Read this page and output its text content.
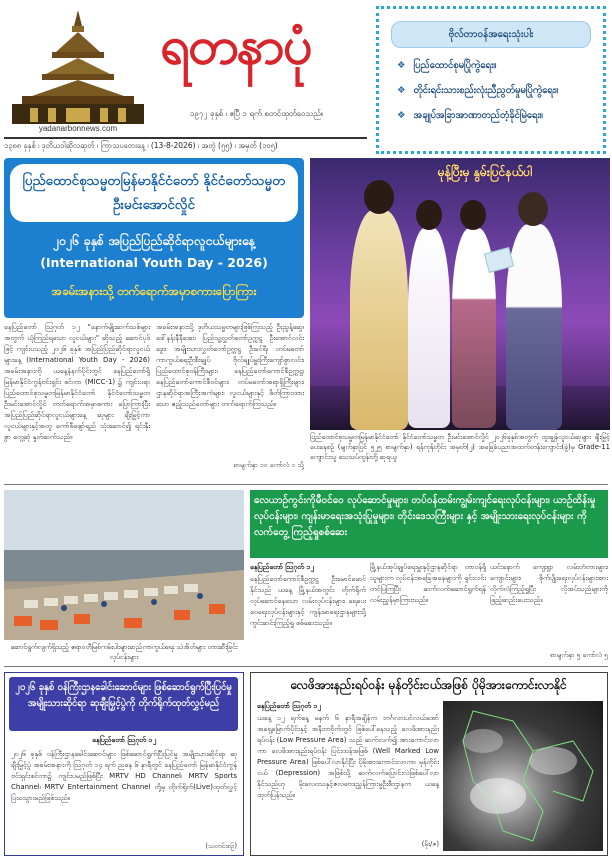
yadanarbonnews.com
ရတနာပုံ
၁၉၇၂ ခုနှစ် ၊ ဧပြီ ၁ ရက် စတင်ထုတ်ဝေသည်။
၁၃၈၈ ခုနှစ် ၊ ဒုတိယဝါဆိုလဆုတ် ၊ ကြာသပတေးနေ့ ၊ (13-8-2026) ၊ အတွဲ (၅၅) ၊ အမှတ် (၁၀၅)
ဗိုလ်တာဝန်အရေးသုံးပါး
❖ ပြည်ထောင်စုမပြိုကွဲရေး။
❖ တိုင်းရင်းသားစည်းလုံးညီညွတ်မှုမပြိုကွဲရေး။
❖ အချုပ်အခြာအာဏာတည်တံ့ခိုင်မြဲရေး။
ပြည်ထောင်စုသမ္မတမြန်မာနိုင်ငံတော် နိုင်ငံတော်သမ္မတ ဦးမင်းအောင်လှိုင်
၂၀၂၆ ခုနှစ် အပြည်ပြည်ဆိုင်ရာလူငယ်များနေ့
(International Youth Day - 2026)
အခမ်းအနားသို့ တက်ရောက်အမှာစကားပြောကြား
နေပြည်တော် ဩဂုတ် ၁၂ "နောက်မျိုးဆက်သစ်များအတွက် ယုံကြည်ရသော လူငယ်များ" ဆိုသည့် ဆောင်ပုဒ်ဖြင့် ကျင်းပသည့် ၂၀၂၆ ခုနှစ် အပြည်ပြည်ဆိုင်ရာလူငယ်များနေ့ (International Youth Day - 2026) အခမ်းအနားကို ယနေ့နံနက်ပိုင်းတွင် နေပြည်တော်ရှိ မြန်မာနိုင်ငံကွန်ဗင်းရှင်း စင်တာ (MICC-1) ၌ ကျင်းပရာ ပြည်ထောင်စုသမ္မတမြန်မာနိုင်ငံတော် နိုင်ငံတော်သမ္မတ ဦးမင်းအောင်လှိုင် တက်ရောက်အမှာစကား ပြောကြားပြီး အပြည်ပြည်ဆိုင်ရာလူငယ်များနေ့ ဆုများ ချီးမြှင့်ကာ လူငယ်များနှင့်အတူ ကော်ဖီဖျော်ရည် သုံးဆောင်၍ ရင်းနှီးစွာ တွေ့ဆုံ နှုတ်ဆက်သည်။
အခမ်းအနားသို့ ဒုတိယသမ္မတများဖြစ်ကြသည့် ဦးညွန့်ဆွေ၊ ဒေါ်နန်းနီနီအေး၊ ပြည်သူ့လွှတ်တော်ဥက္ကဋ္ဌ ဦးအောင်လင်းဒွေး၊ အမျိုးသားလွှတ်တော်ဥက္ကဋ္ဌ ဦးခင်ရီ၊ တပ်မတော်ကာကွယ်ရေးဦးစီးချုပ် ဗိုလ်ချုပ်မှူးကြီးကျော်စွာလင်း၊ ပြည်ထောင်စုဝန်ကြီးများ၊ နေပြည်တော်ကောင်စီဥက္ကဋ္ဌ၊ နေပြည်တော်ကောင်စီဝင်များ၊ တပ်မတော်အရာရှိကြီးများ၊ ဌာနဆိုင်ရာအကြီးအကဲများ၊ လူငယ်များနှင့် ဖိတ်ကြားထားသော ဧည့်သည်တော်များ တက်ရောက်ကြသည်။
စာမျက်နှာ ၁၀ ကော်လံ ၁ သို့
မုန့်ပြီးမှ နွမ်းပြင်နယ်ပါ
ပြည်ထောင်စုသမ္မတမြန်မာနိုင်ငံတော် နိုင်ငံတော်သမ္မတ ဦးမင်းအောင်လှိုင် ၂၀၂၆ခုနှစ်အတွက် ထူးချွန်လူငယ်ဆုများ ချီးမြှင့်ပေးနေစဉ် (မျက်နှာပြင် ၅၂၅ စာမျက်နှာ) ရန်ကုန်တိုင်း အမှတ်(၂) အခြေခံပညာအထက်တန်းကျောင်း(ခွဲ)မှ Grade-11 ကျောင်းသူ သေသပ်ထွန်းတို့ ဆုရယူ
ဆောင်ရွက်လျက်ရှိသည့် ဧရာဝတီမြစ်ကမ်းပါးများဆည်ကာကွယ်ရေး သဲအိတ်များ တားဆီးခြင်းလုပ်ငန်းများ
လေယာဉ်ကွင်းကိုမီဝင်ဝေ လုပ်ဆောင်မှုများ၊ တပ်ဝန်ထမ်းကျွမ်းကျင်ရေးလုပ်ငန်းများ၊ ယာဉ်ထိန်းမှုလုပ်ငန်းများ၊ ကျန်းမာရေးအသုံးပြုမှုများ၊ တိုင်းဒေသကြီးများ နှင့် အမျိုးသားရေးလုပ်ငန်းများ ကိုလက်တွေ့ ကြည့်ရှုစစ်ဆေး
နေပြည်တော် ဩဂုတ် ၁၂
နေပြည်တော်ကောင်စီဥက္ကဋ္ဌ ဦးမောင်မောင်နိုင်သည် ယနေ့ မြို့နယ်အတွင်း တိုက်ရိုက်လုပ်ဆောင်နေသော လမ်းလုပ်ငန်းများ၊ ရေပေးဝေရေးလုပ်ငန်းများနှင့် ကျန်းမာရေးဌာနများသို့ ကွင်းဆင်းကြည့်ရှု စစ်ဆေးသည်။
မြို့နယ်အုပ်ချုပ်ရေးမှူးနှင့်ဌာနဆိုင်ရာ တာဝန်ရှိသူများက လုပ်ငန်းအခြေအနေများကို ရှင်းလင်းတင်ပြကြပြီး ဆက်လက်ဆောင်ရွက်ရန် လမ်းညွှန်မှာကြားသည်။
ယင်းနောက် ကျေးရွာ လမ်းတံတားများ၊ ကျောင်းများ၊ စိုက်ပျိုးရေးလုပ်ငန်းများအား လိုက်လံကြည့်ရှုပြီး လိုအပ်သည်များကို ဖြည့်ဆည်းပေးသည်။
စာမျက်နှာ ၅ ကော်လံ ၅
၂၀၂၆ ခုနှစ် ဝန်ကြီးဌာနခေါင်းဆောင်များ ဖြစ်ဆောင်ရွက်ပြီးပြင်မှု အမျိုးသားဆိုင်ရာ ဆုချီးမြှင့်ပွဲကို တိုက်ရိုက်ထုတ်လွှင့်မည်
နေပြည်တော် ဩဂုတ် ၁၂
၂၀၂၆ ခုနှစ် ဝန်ကြီးဌာနခေါင်းဆောင်များ ဖြစ်ဆောင်ရွက်ပြီးပြင်မှု အမျိုးသားဆိုင်ရာ ဆုချီးမြှင့်ပွဲ အခမ်းအနားကို ဩဂုတ် ၁၄ ရက် ညနေ ၆ နာရီတွင် နေပြည်တော် မြန်မာနိုင်ငံကွန်ဗင်းရှင်းစင်တာ၌ ကျင်းပမည်ဖြစ်ပြီး MRTV HD Channel၊ MRTV Sports Channel၊ MRTV Entertainment Channel တို့မှ တိုက်ရိုက်(Live)ထုတ်လွှင့်ပြသသွားမည်ဖြစ်သည်။
(သတင်းစဉ်)
လေဖိအားနည်းရပ်ဝန်း မုန်တိုင်းငယ်အဖြစ် ပိုမိုအားကောင်းလာနိုင်
နေပြည်တော် ဩဂုတ် ၁၂
ယနေ့ ၁၂ ရက်နေ့ မနက် ၆ နာရီအချိန်က ဘင်္ဂလားပင်လယ်အော် အရှေ့မြောက်ပိုင်းနှင့် အနီးတဝိုက်တွင် ဖြစ်ပေါ်နေသည့် လေဖိအားနည်းရပ်ဝန်း (Low Pressure Area) သည် ဆက်လက်၍ အားကောင်းလာကာ လေဖိအားနည်းရပ်ဝန်း ပြင်းထန်အဖြစ် (Well Marked Low Pressure Area) ဖြစ်ပေါ်လာနိုင်ပြီး ပိုမိုအားကောင်းလာကာ မုန်တိုင်းငယ် (Depression) အဖြစ်သို့ ဆက်လက်ပြောင်းလဲဖြစ်ပေါ်လာနိုင်သည်ဟု မိုးလေဝသနှင့်ဇလဗေဒညွှန်ကြားမှုဦးစီးဌာနက ယနေ့ ထုတ်ပြန်သည်။
(မိုး/ဇ)
